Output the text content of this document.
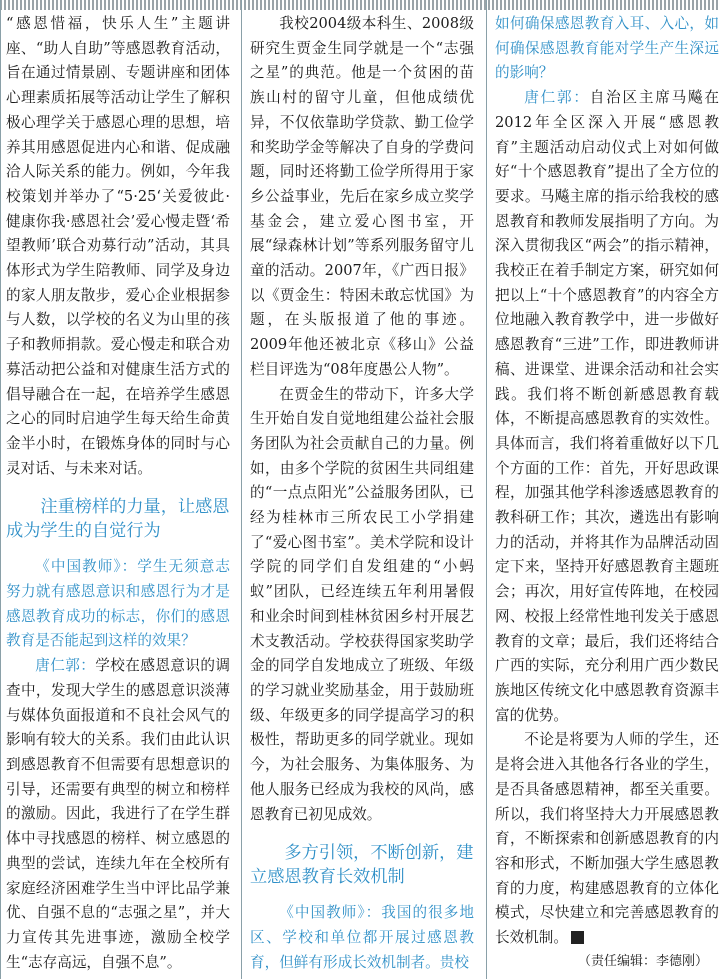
“感恩惜福，快乐人生”主题讲座、“助人自助”等感恩教育活动，旨在通过情景剧、专题讲座和团体心理素质拓展等活动让学生了解积极心理学关于感恩心理的思想，培养其用感恩促进内心和谐、促成融洽人际关系的能力。例如，今年我校策划并举办了“5·25‘关爱彼此·健康你我·感恩社会’爱心慢走暨‘希望教师’联合劝募行动”活动，其具体形式为学生陪教师、同学及身边的家人朋友散步，爱心企业根据参与人数，以学校的名义为山里的孩子和教师捐款。爱心慢走和联合劝募活动把公益和对健康生活方式的倡导融合在一起，在培养学生感恩之心的同时启迪学生每天给生命黄金半小时，在锻炼身体的同时与心灵对话、与未来对话。

注重榜样的力量，让感恩成为学生的自觉行为

《中国教师》：学生无须意志努力就有感恩意识和感恩行为才是感恩教育成功的标志，你们的感恩教育是否能起到这样的效果？

唐仁郭：学校在感恩意识的调查中，发现大学生的感恩意识淡薄与媒体负面报道和不良社会风气的影响有较大的关系。我们由此认识到感恩教育不但需要有思想意识的引导，还需要有典型的树立和榜样的激励。因此，我进行了在学生群体中寻找感恩的榜样、树立感恩的典型的尝试，连续九年在全校所有家庭经济困难学生当中评比品学兼优、自强不息的“志强之星”，并大力宣传其先进事迹，激励全校学生“志存高远，自强不息”。

我校2004级本科生、2008级研究生贾金生同学就是一个“志强之星”的典范。他是一个贫困的苗族山村的留守儿童，但他成绩优异，不仅依靠助学贷款、勤工俭学和奖助学金等解决了自身的学费问题，同时还将勤工俭学所得用于家乡公益事业，先后在家乡成立奖学基金会，建立爱心图书室，开展“绿森林计划”等系列服务留守儿童的活动。2007年，《广西日报》以《贾金生：特困未敢忘忧国》为题，在头版报道了他的事迹。2009年他还被北京《移山》公益栏目评选为“08年度愚公人物”。

在贾金生的带动下，许多大学生开始自发自觉地组建公益社会服务团队为社会贡献自己的力量。例如，由多个学院的贫困生共同组建的“一点点阳光”公益服务团队，已经为桂林市三所农民工小学捐建了“爱心图书室”。美术学院和设计学院的同学们自发组建的“小蚂蚁”团队，已经连续五年利用暑假和业余时间到桂林贫困乡村开展艺术支教活动。学校获得国家奖助学金的同学自发地成立了班级、年级的学习就业奖励基金，用于鼓励班级、年级更多的同学提高学习的积极性，帮助更多的同学就业。现如今，为社会服务、为集体服务、为他人服务已经成为我校的风尚，感恩教育已初见成效。

多方引领，不断创新，建立感恩教育长效机制

《中国教师》：我国的很多地区、学校和单位都开展过感恩教育，但鲜有形成长效机制者。贵校

如何确保感恩教育入耳、入心，如何确保感恩教育能对学生产生深远的影响？

唐仁郭：自治区主席马飚在2012年全区深入开展“感恩教育”主题活动启动仪式上对如何做好“十个感恩教育”提出了全方位的要求。马飚主席的指示给我校的感恩教育和教师发展指明了方向。为深入贯彻我区“两会”的指示精神，我校正在着手制定方案，研究如何把以上“十个感恩教育”的内容全方位地融入教育教学中，进一步做好感恩教育“三进”工作，即进教师讲稿、进课堂、进课余活动和社会实践。我们将不断创新感恩教育载体，不断提高感恩教育的实效性。具体而言，我们将着重做好以下几个方面的工作：首先，开好思政课程，加强其他学科渗透感恩教育的教科研工作；其次，遴选出有影响力的活动，并将其作为品牌活动固定下来，坚持开好感恩教育主题班会；再次，用好宣传阵地，在校园网、校报上经常性地刊发关于感恩教育的文章；最后，我们还将结合广西的实际，充分利用广西少数民族地区传统文化中感恩教育资源丰富的优势。

不论是将要为人师的学生，还是将会进入其他各行各业的学生，是否具备感恩精神，都至关重要。所以，我们将坚持大力开展感恩教育，不断探索和创新感恩教育的内容和形式，不断加强大学生感恩教育的力度，构建感恩教育的立体化模式，尽快建立和完善感恩教育的长效机制。

（责任编辑：李德刚）
